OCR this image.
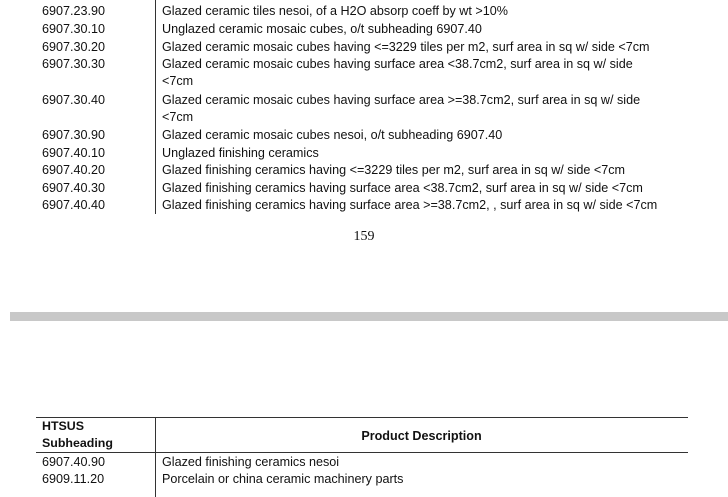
6907.23.90	Glazed ceramic tiles nesoi, of a H2O absorp coeff by wt >10%
6907.30.10	Unglazed ceramic mosaic cubes, o/t subheading 6907.40
6907.30.20	Glazed ceramic mosaic cubes having <=3229 tiles per m2, surf area in sq w/ side <7cm
6907.30.30	Glazed ceramic mosaic cubes having surface area <38.7cm2, surf area in sq w/ side
<7cm
6907.30.40	Glazed ceramic mosaic cubes having surface area >=38.7cm2, surf area in sq w/ side
<7cm
6907.30.90	Glazed ceramic mosaic cubes nesoi, o/t subheading 6907.40
6907.40.10	Unglazed finishing ceramics
6907.40.20	Glazed finishing ceramics having <=3229 tiles per m2, surf area in sq w/ side <7cm
6907.40.30	Glazed finishing ceramics having surface area <38.7cm2, surf area in sq w/ side <7cm
6907.40.40	Glazed finishing ceramics having surface area >=38.7cm2, , surf area in sq w/ side <7cm
159
HTSUS
Subheading	Product Description
6907.40.90	Glazed finishing ceramics nesoi
6909.11.20	Porcelain or china ceramic machinery parts
